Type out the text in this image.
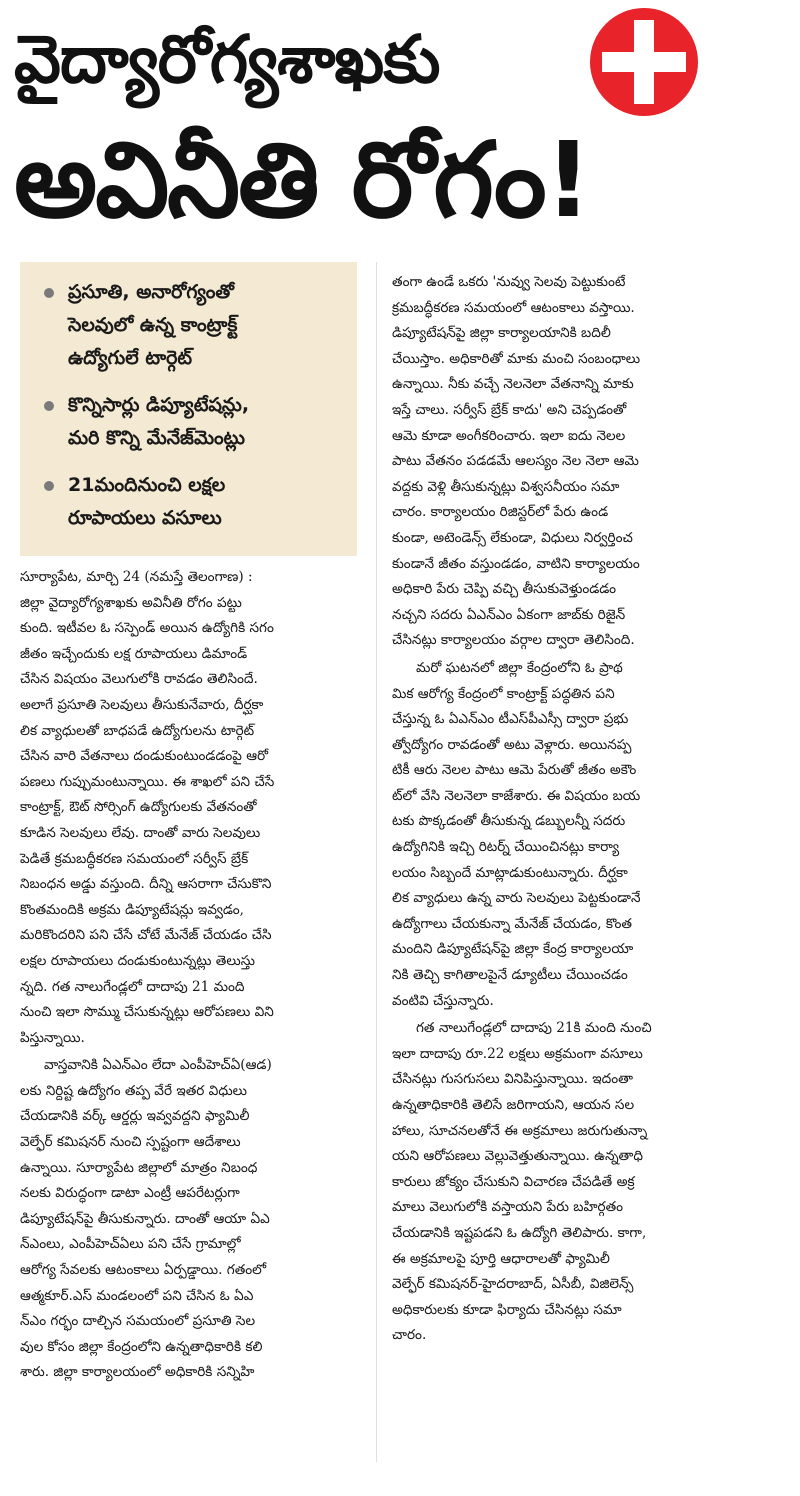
వైద్యారోగ్యశాఖకు
అవినీతి రోగం!
ప్రసూతి, అనారోగ్యంతో
సెలవులో ఉన్న కాంట్రాక్ట్
ఉద్యోగులే టార్గెట్
కొన్నిసార్లు డిప్యూటేషన్లు,
మరి కొన్ని మేనేజ్‌మెంట్లు
21మందినుంచి లక్షల
రూపాయలు వసూలు

సూర్యాపేట, మార్చి 24 (నమస్తే తెలంగాణ) :
జిల్లా వైద్యారోగ్యశాఖకు అవినీతి రోగం పట్టు
కుంది. ఇటీవల ఓ సస్పెండ్ అయిన ఉద్యోగికి సగం
జీతం ఇచ్చేందుకు లక్ష రూపాయలు డిమాండ్
చేసిన విషయం వెలుగులోకి రావడం తెలిసిందే.
అలాగే ప్రసూతి సెలవులు తీసుకునేవారు, దీర్ఘకా
లిక వ్యాధులతో బాధపడే ఉద్యోగులను టార్గెట్
చేసిన వారి వేతనాలు దండుకుంటుండడంపై ఆరో
పణలు గుప్పుమంటున్నాయి. ఈ శాఖలో పని చేసే
కాంట్రాక్ట్, ఔట్ సోర్సింగ్ ఉద్యోగులకు వేతనంతో
కూడిన సెలవులు లేవు. దాంతో వారు సెలవులు
పెడితే క్రమబద్ధీకరణ సమయంలో సర్వీస్ బ్రేక్
నిబంధన అడ్డు వస్తుంది. దీన్ని ఆసరాగా చేసుకొని
కొంతమందికి అక్రమ డిప్యూటేషన్లు ఇవ్వడం,
మరికొందరిని పని చేసే చోటే మేనేజ్ చేయడం చేసి
లక్షల రూపాయలు దండుకుంటున్నట్లు తెలుస్తు
న్నది. గత నాలుగేండ్లలో దాదాపు 21 మంది
నుంచి ఇలా సొమ్ము చేసుకున్నట్లు ఆరోపణలు విని
పిస్తున్నాయి.

వాస్తవానికి ఏఎన్ఎం లేదా ఎంపీహెచ్ఏ(ఆడ)
లకు నిర్దిష్ట ఉద్యోగం తప్ప వేరే ఇతర విధులు
చేయడానికి వర్క్ ఆర్డర్లు ఇవ్వవద్దని ఫ్యామిలీ
వెల్ఫేర్ కమిషనర్ నుంచి స్పష్టంగా ఆదేశాలు
ఉన్నాయి. సూర్యాపేట జిల్లాలో మాత్రం నిబంధ
నలకు విరుద్ధంగా డాటా ఎంట్రీ ఆపరేటర్లుగా
డిప్యూటేషన్‌పై తీసుకున్నారు. దాంతో ఆయా ఏఎ
న్ఎంలు, ఎంపీహెచ్ఏలు పని చేసే గ్రామాల్లో
ఆరోగ్య సేవలకు ఆటంకాలు ఏర్పడ్డాయి. గతంలో
ఆత్మకూర్.ఎస్ మండలంలో పని చేసిన ఓ ఏఎ
న్ఎం గర్భం దాల్చిన సమయంలో ప్రసూతి సెల
వుల కోసం జిల్లా కేంద్రంలోని ఉన్నతాధికారికి కలి
శారు. జిల్లా కార్యాలయంలో అధికారికి సన్నిహి

తంగా ఉండే ఒకరు 'నువ్వు సెలవు పెట్టుకుంటే
క్రమబద్ధీకరణ సమయంలో ఆటంకాలు వస్తాయి.
డిప్యూటేషన్‌పై జిల్లా కార్యాలయానికి బదిలీ
చేయిస్తాం. అధికారితో మాకు మంచి సంబంధాలు
ఉన్నాయి. నీకు వచ్చే నెలనెలా వేతనాన్ని మాకు
ఇస్తే చాలు. సర్వీస్ బ్రేక్ కాదు' అని చెప్పడంతో
ఆమె కూడా అంగీకరించారు. ఇలా ఐదు నెలల
పాటు వేతనం పడడమే ఆలస్యం నెల నెలా ఆమె
వద్దకు వెళ్లి తీసుకున్నట్లు విశ్వసనీయం సమా
చారం. కార్యాలయం రిజిస్టర్‌లో పేరు ఉండ
కుండా, అటెండెన్స్ లేకుండా, విధులు నిర్వర్తించ
కుండానే జీతం వస్తుండడం, వాటిని కార్యాలయం
అధికారి పేరు చెప్పి వచ్చి తీసుకువెళ్తుండడం
నచ్చని సదరు ఏఎన్ఎం ఏకంగా జాబ్‌కు రిజైన్
చేసినట్లు కార్యాలయం వర్గాల ద్వారా తెలిసింది.

మరో ఘటనలో జిల్లా కేంద్రంలోని ఓ ప్రాథ
మిక ఆరోగ్య కేంద్రంలో కాంట్రాక్ట్ పద్ధతిన పని
చేస్తున్న ఓ ఏఎన్ఎం టీఎస్‌పీఎస్సీ ద్వారా ప్రభు
త్వోద్యోగం రావడంతో అటు వెళ్లారు. అయినప్ప
టికీ ఆరు నెలల పాటు ఆమె పేరుతో జీతం అకౌం
ట్‌లో వేసి నెలనెలా కాజేశారు. ఈ విషయం బయ
టకు పొక్కడంతో తీసుకున్న డబ్బులన్నీ సదరు
ఉద్యోగినికి ఇచ్చి రిటర్న్ చేయించినట్లు కార్యా
లయం సిబ్బందే మాట్లాడుకుంటున్నారు. దీర్ఘకా
లిక వ్యాధులు ఉన్న వారు సెలవులు పెట్టకుండానే
ఉద్యోగాలు చేయకున్నా మేనేజ్ చేయడం, కొంత
మందిని డిప్యూటేషన్‌పై జిల్లా కేంద్ర కార్యాలయా
నికి తెచ్చి కాగితాలపైనే డ్యూటీలు చేయించడం
వంటివి చేస్తున్నారు.

గత నాలుగేండ్లలో దాదాపు 21కి మంది నుంచి
ఇలా దాదాపు రూ.22 లక్షలు అక్రమంగా వసూలు
చేసినట్లు గుసగుసలు వినిపిస్తున్నాయి. ఇదంతా
ఉన్నతాధికారికి తెలిసే జరిగాయని, ఆయన సల
హాలు, సూచనలతోనే ఈ అక్రమాలు జరుగుతున్నా
యని ఆరోపణలు వెల్లువెత్తుతున్నాయి. ఉన్నతాధి
కారులు జోక్యం చేసుకుని విచారణ చేపడితే అక్ర
మాలు వెలుగులోకి వస్తాయని పేరు బహిర్గతం
చేయడానికి ఇష్టపడని ఓ ఉద్యోగి తెలిపారు. కాగా,
ఈ అక్రమాలపై పూర్తి ఆధారాలతో ఫ్యామిలీ
వెల్ఫేర్ కమిషనర్-హైదరాబాద్, ఏసీబీ, విజిలెన్స్
అధికారులకు కూడా ఫిర్యాదు చేసినట్లు సమా
చారం.
